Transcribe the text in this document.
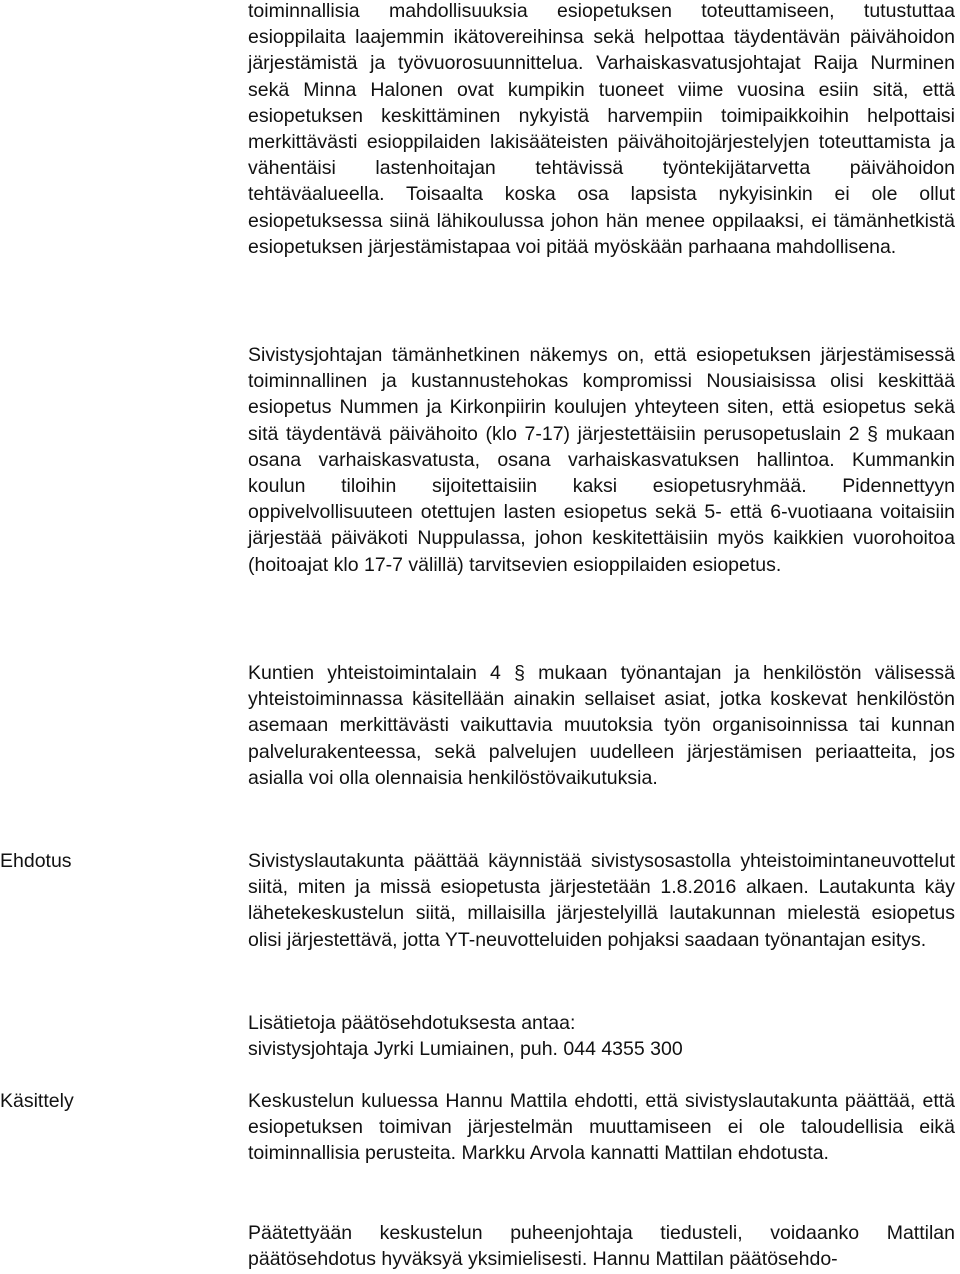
toiminnallisia mahdollisuuksia esiopetuksen toteuttamiseen, tutustuttaa esioppilaita laajemmin ikätovereihinsa sekä helpottaa täydentävän päivähoidon järjestämistä ja työvuorosuunnittelua. Varhaiskasvatusjohtajat Raija Nurminen sekä Minna Halonen ovat kumpikin tuoneet viime vuosina esiin sitä, että esiopetuksen keskittäminen nykyistä harvempiin toimipaikkoihin helpottaisi merkittävästi esioppilaiden lakisääteisten päivähoitojärjestelyjen toteuttamista ja vähentäisi lastenhoitajan tehtävissä työntekijätarvetta päivähoidon tehtäväalueella. Toisaalta koska osa lapsista nykyisinkin ei ole ollut esiopetuksessa siinä lähikoulussa johon hän menee oppilaaksi, ei tämänhetkistä esiopetuksen järjestämistapaa voi pitää myöskään parhaana mahdollisena.

Sivistysjohtajan tämänhetkinen näkemys on, että esiopetuksen järjestämisessä toiminnallinen ja kustannustehokas kompromissi Nousiaisissa olisi keskittää esiopetus Nummen ja Kirkonpiirin koulujen yhteyteen siten, että esiopetus sekä sitä täydentävä päivähoito (klo 7-17) järjestettäisiin perusopetuslain 2 § mukaan osana varhaiskasvatusta, osana varhaiskasvatuksen hallintoa. Kummankin koulun tiloihin sijoitettaisiin kaksi esiopetusryhmää. Pidennettyyn oppivelvollisuuteen otettujen lasten esiopetus sekä 5- että 6-vuotiaana voitaisiin järjestää päiväkoti Nuppulassa, johon keskitettäisiin myös kaikkien vuorohoitoa (hoitoajat klo 17-7 välillä) tarvitsevien esioppilaiden esiopetus.

Kuntien yhteistoimintalain 4 § mukaan työnantajan ja henkilöstön välisessä yhteistoiminnassa käsitellään ainakin sellaiset asiat, jotka koskevat henkilöstön asemaan merkittävästi vaikuttavia muutoksia työn organisoinnissa tai kunnan palvelurakenteessa, sekä palvelujen uudelleen järjestämisen periaatteita, jos asialla voi olla olennaisia henkilöstövaikutuksia.

Ehdotus	Sivistyslautakunta päättää käynnistää sivistysosastolla yhteistoimintaneuvottelut siitä, miten ja missä esiopetusta järjestetään 1.8.2016 alkaen. Lautakunta käy lähetekeskustelun siitä, millaisilla järjestelyillä lautakunnan mielestä esiopetus olisi järjestettävä, jotta YT-neuvotteluiden pohjaksi saadaan työnantajan esitys.

Lisätietoja päätösehdotuksesta antaa:
sivistysjohtaja Jyrki Lumiainen, puh. 044 4355 300

Käsittely	Keskustelun kuluessa Hannu Mattila ehdotti, että sivistyslautakunta päättää, että esiopetuksen toimivan järjestelmän muuttamiseen ei ole taloudellisia eikä toiminnallisia perusteita. Markku Arvola kannatti Mattilan ehdotusta.

Päätettyään keskustelun puheenjohtaja tiedusteli, voidaanko Mattilan päätösehdotus hyväksyä yksimielisesti. Hannu Mattilan päätösehdo-
